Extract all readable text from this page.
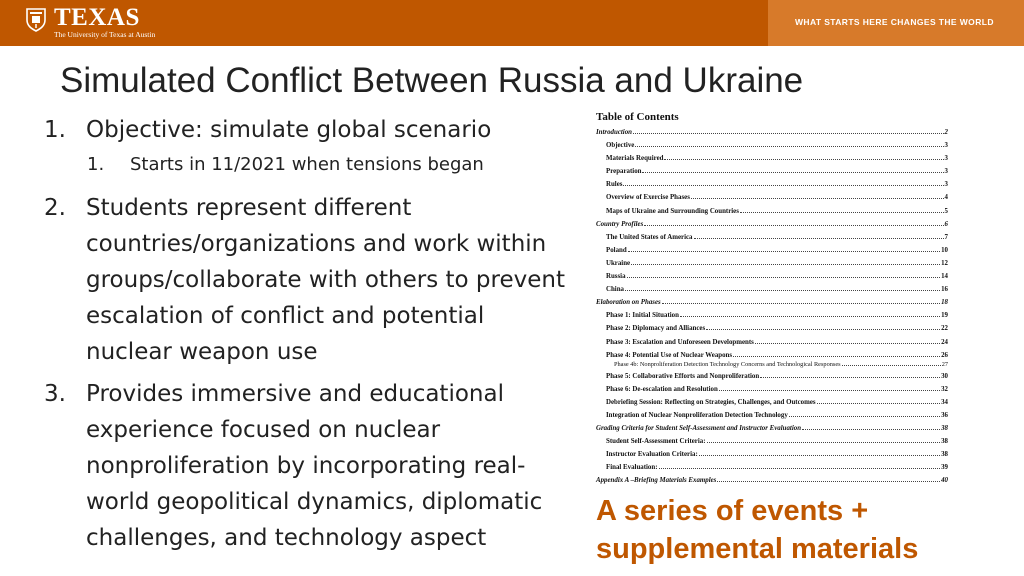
TEXAS
The University of Texas at Austin
WHAT STARTS HERE CHANGES THE WORLD
Simulated Conflict Between Russia and Ukraine
1. Objective: simulate global scenario
1.	Starts in 11/2021 when tensions began
2. Students represent different countries/organizations and work within groups/collaborate with others to prevent escalation of conflict and potential nuclear weapon use
3. Provides immersive and educational experience focused on nuclear nonproliferation by incorporating real-world geopolitical dynamics, diplomatic challenges, and technology aspect
Table of Contents
Introduction	2
Objective	3
Materials Required	3
Preparation	3
Rules	3
Overview of Exercise Phases	4
Maps of Ukraine and Surrounding Countries	5
Country Profiles	6
The United States of America	7
Poland	10
Ukraine	12
Russia	14
China	16
Elaboration on Phases	18
Phase 1: Initial Situation	19
Phase 2: Diplomacy and Alliances	22
Phase 3: Escalation and Unforeseen Developments	24
Phase 4: Potential Use of Nuclear Weapons	26
Phase 4b: Nonproliferation Detection Technology Concerns and Technological Responses	27
Phase 5: Collaborative Efforts and Nonproliferation	30
Phase 6: De-escalation and Resolution	32
Debriefing Session: Reflecting on Strategies, Challenges, and Outcomes	34
Integration of Nuclear Nonproliferation Detection Technology	36
Grading Criteria for Student Self-Assessment and Instructor Evaluation	38
Student Self-Assessment Criteria:	38
Instructor Evaluation Criteria:	38
Final Evaluation:	39
Appendix A –Briefing Materials Examples	40
A series of events + supplemental materials
